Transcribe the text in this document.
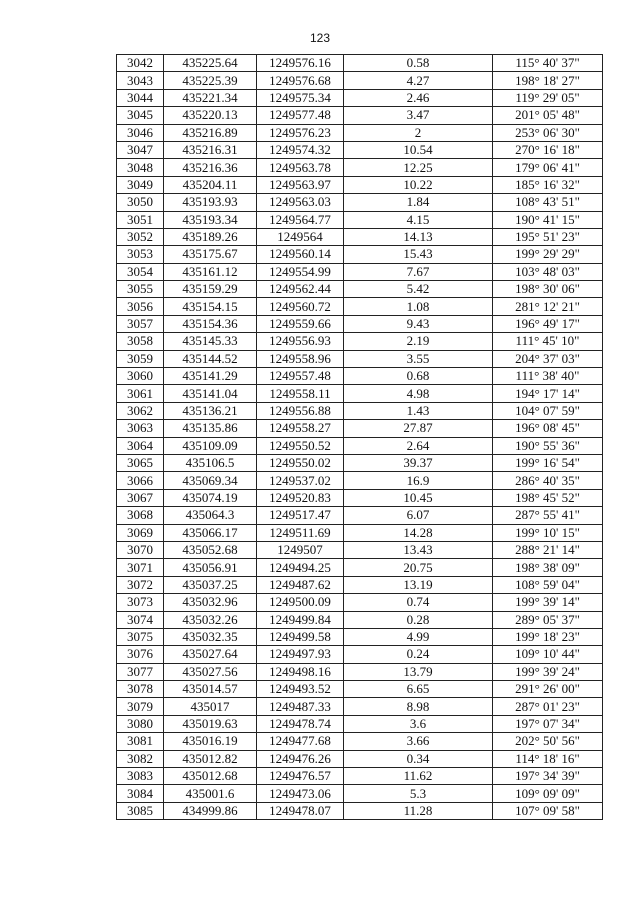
123
3042	435225.64	1249576.16	0.58	115° 40' 37"
3043	435225.39	1249576.68	4.27	198° 18' 27"
3044	435221.34	1249575.34	2.46	119° 29' 05"
3045	435220.13	1249577.48	3.47	201° 05' 48"
3046	435216.89	1249576.23	2	253° 06' 30"
3047	435216.31	1249574.32	10.54	270° 16' 18"
3048	435216.36	1249563.78	12.25	179° 06' 41"
3049	435204.11	1249563.97	10.22	185° 16' 32"
3050	435193.93	1249563.03	1.84	108° 43' 51"
3051	435193.34	1249564.77	4.15	190° 41' 15"
3052	435189.26	1249564	14.13	195° 51' 23"
3053	435175.67	1249560.14	15.43	199° 29' 29"
3054	435161.12	1249554.99	7.67	103° 48' 03"
3055	435159.29	1249562.44	5.42	198° 30' 06"
3056	435154.15	1249560.72	1.08	281° 12' 21"
3057	435154.36	1249559.66	9.43	196° 49' 17"
3058	435145.33	1249556.93	2.19	111° 45' 10"
3059	435144.52	1249558.96	3.55	204° 37' 03"
3060	435141.29	1249557.48	0.68	111° 38' 40"
3061	435141.04	1249558.11	4.98	194° 17' 14"
3062	435136.21	1249556.88	1.43	104° 07' 59"
3063	435135.86	1249558.27	27.87	196° 08' 45"
3064	435109.09	1249550.52	2.64	190° 55' 36"
3065	435106.5	1249550.02	39.37	199° 16' 54"
3066	435069.34	1249537.02	16.9	286° 40' 35"
3067	435074.19	1249520.83	10.45	198° 45' 52"
3068	435064.3	1249517.47	6.07	287° 55' 41"
3069	435066.17	1249511.69	14.28	199° 10' 15"
3070	435052.68	1249507	13.43	288° 21' 14"
3071	435056.91	1249494.25	20.75	198° 38' 09"
3072	435037.25	1249487.62	13.19	108° 59' 04"
3073	435032.96	1249500.09	0.74	199° 39' 14"
3074	435032.26	1249499.84	0.28	289° 05' 37"
3075	435032.35	1249499.58	4.99	199° 18' 23"
3076	435027.64	1249497.93	0.24	109° 10' 44"
3077	435027.56	1249498.16	13.79	199° 39' 24"
3078	435014.57	1249493.52	6.65	291° 26' 00"
3079	435017	1249487.33	8.98	287° 01' 23"
3080	435019.63	1249478.74	3.6	197° 07' 34"
3081	435016.19	1249477.68	3.66	202° 50' 56"
3082	435012.82	1249476.26	0.34	114° 18' 16"
3083	435012.68	1249476.57	11.62	197° 34' 39"
3084	435001.6	1249473.06	5.3	109° 09' 09"
3085	434999.86	1249478.07	11.28	107° 09' 58"
